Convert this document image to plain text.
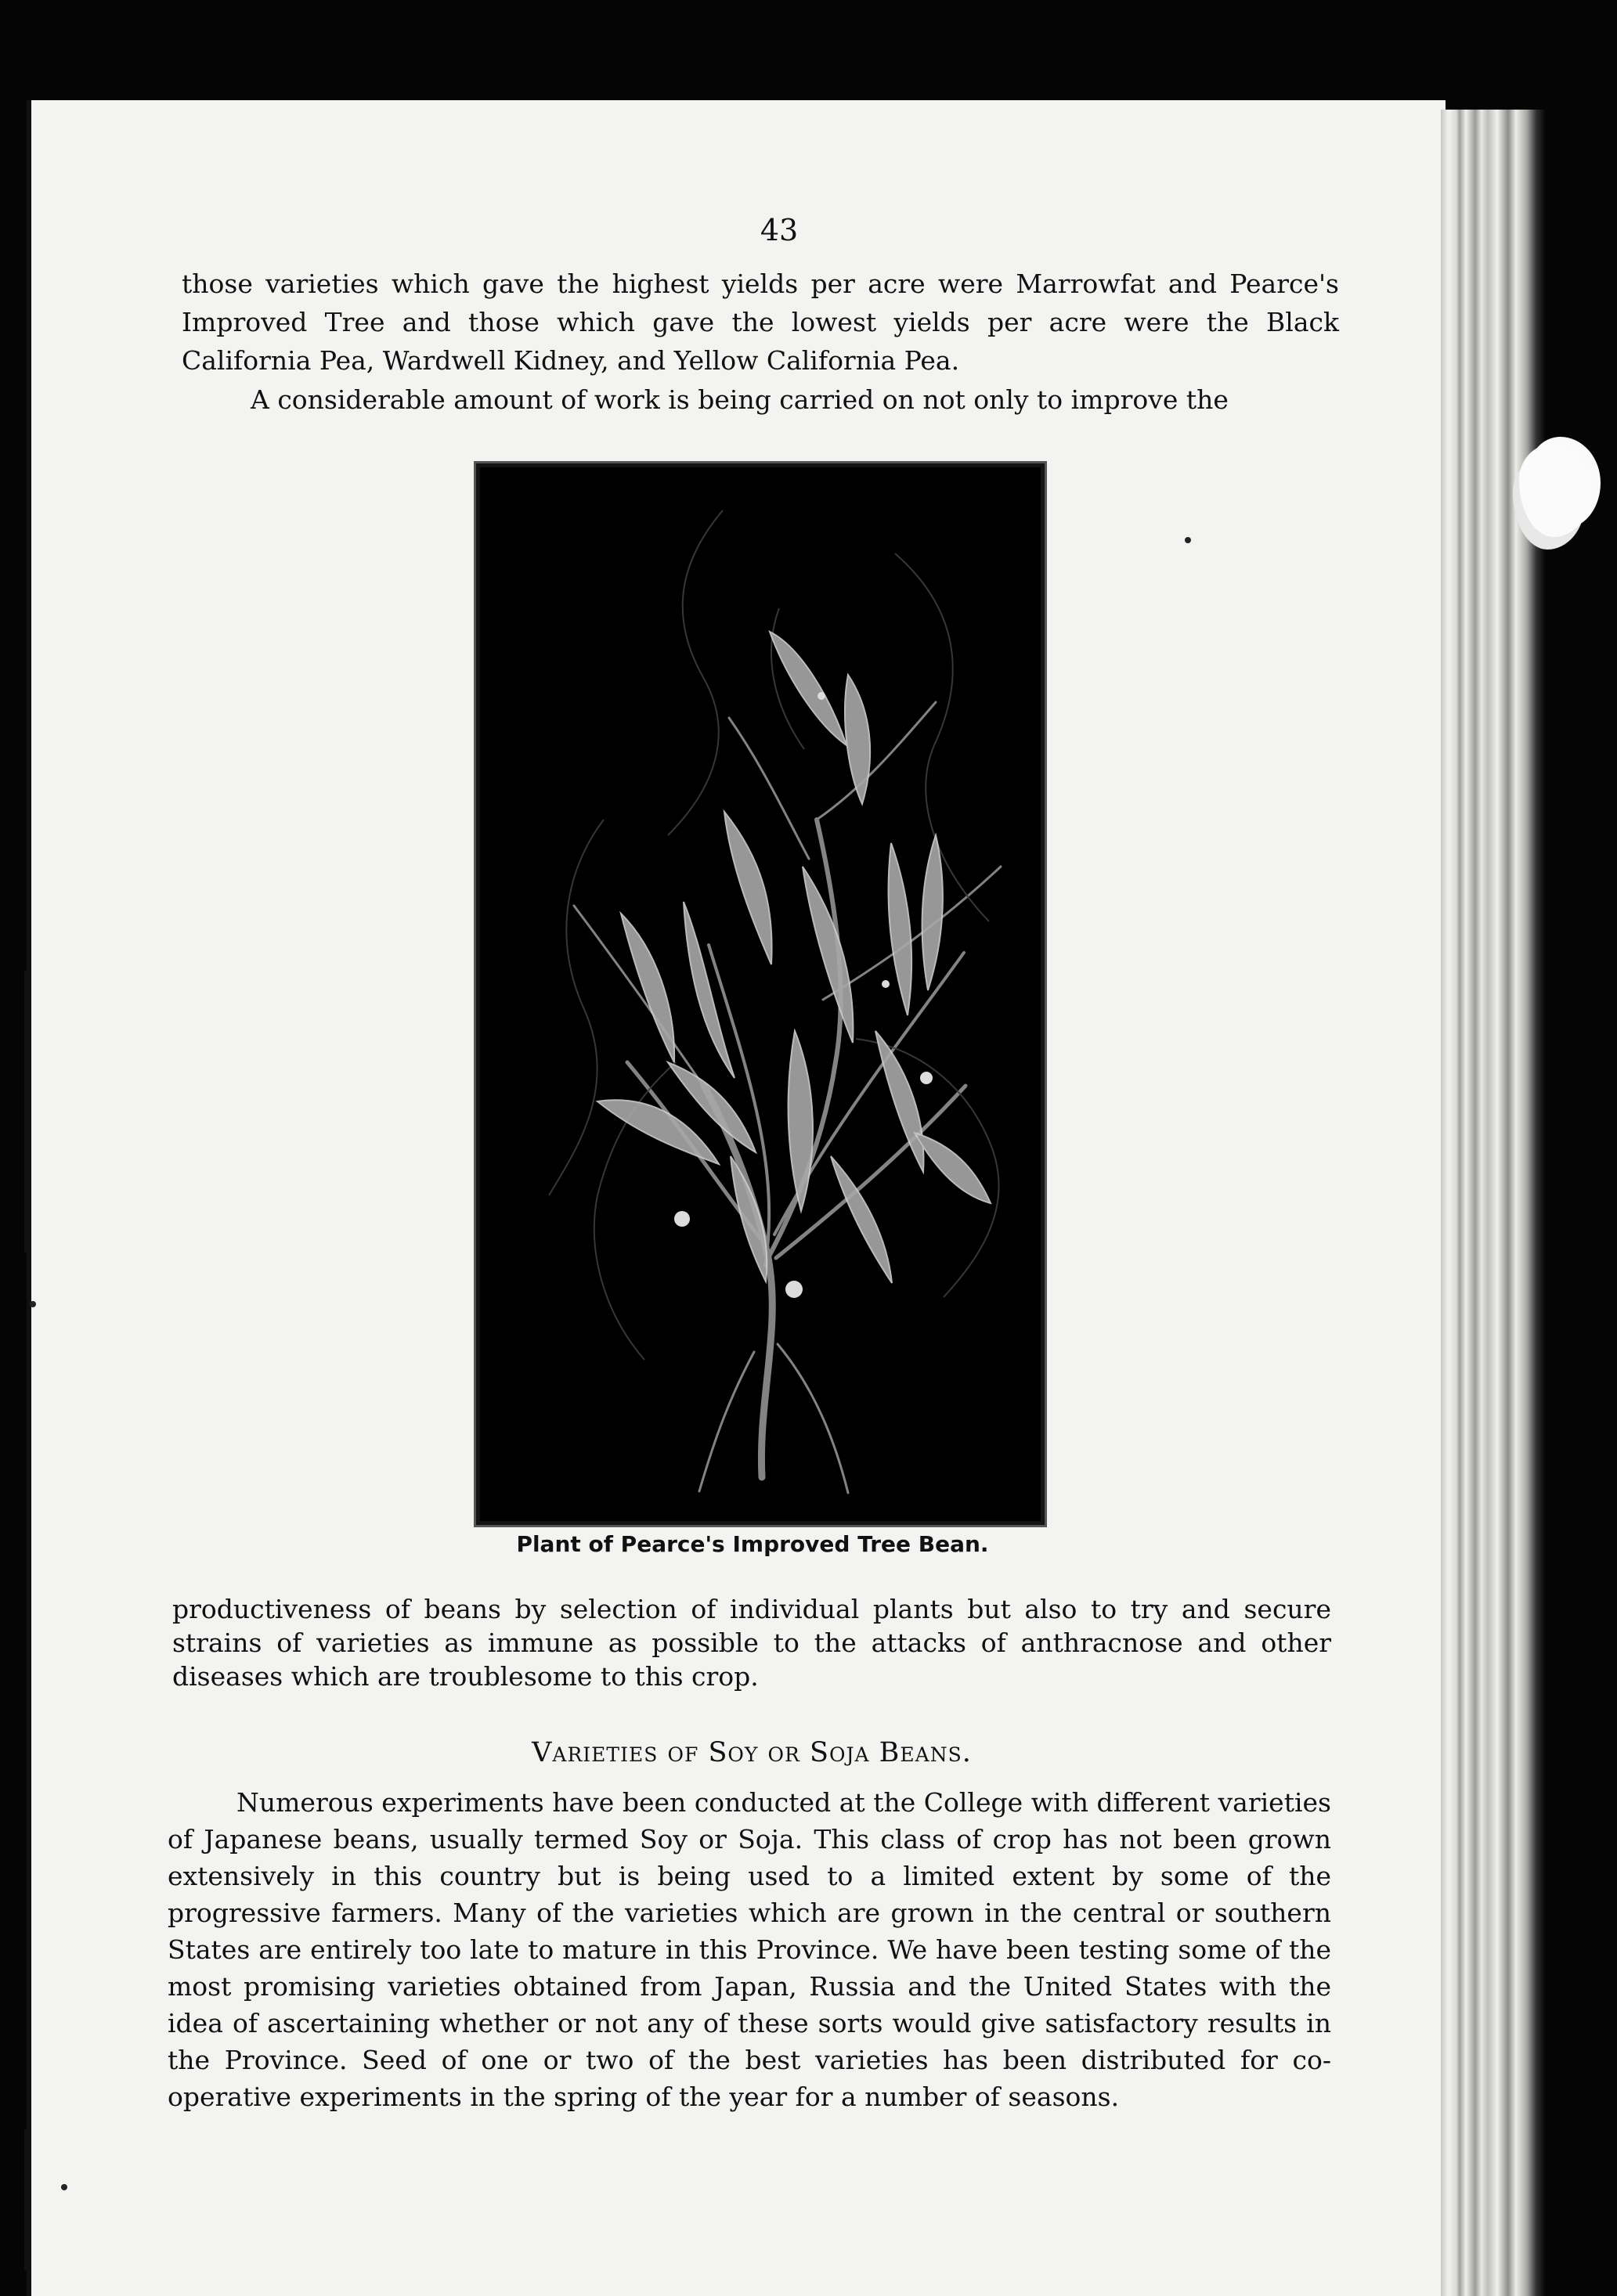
43

those varieties which gave the highest yields per acre were Marrowfat and Pearce's Improved Tree and those which gave the lowest yields per acre were the Black California Pea, Wardwell Kidney, and Yellow California Pea.

A considerable amount of work is being carried on not only to improve the

Plant of Pearce's Improved Tree Bean.

productiveness of beans by selection of individual plants but also to try and secure strains of varieties as immune as possible to the attacks of anthracnose and other diseases which are troublesome to this crop.

Varieties of Soy or Soja Beans.

Numerous experiments have been conducted at the College with different varieties of Japanese beans, usually termed Soy or Soja. This class of crop has not been grown extensively in this country but is being used to a limited extent by some of the progressive farmers. Many of the varieties which are grown in the central or southern States are entirely too late to mature in this Province. We have been testing some of the most promising varieties obtained from Japan, Russia and the United States with the idea of ascertaining whether or not any of these sorts would give satisfactory results in the Province. Seed of one or two of the best varieties has been distributed for co-operative experiments in the spring of the year for a number of seasons.
